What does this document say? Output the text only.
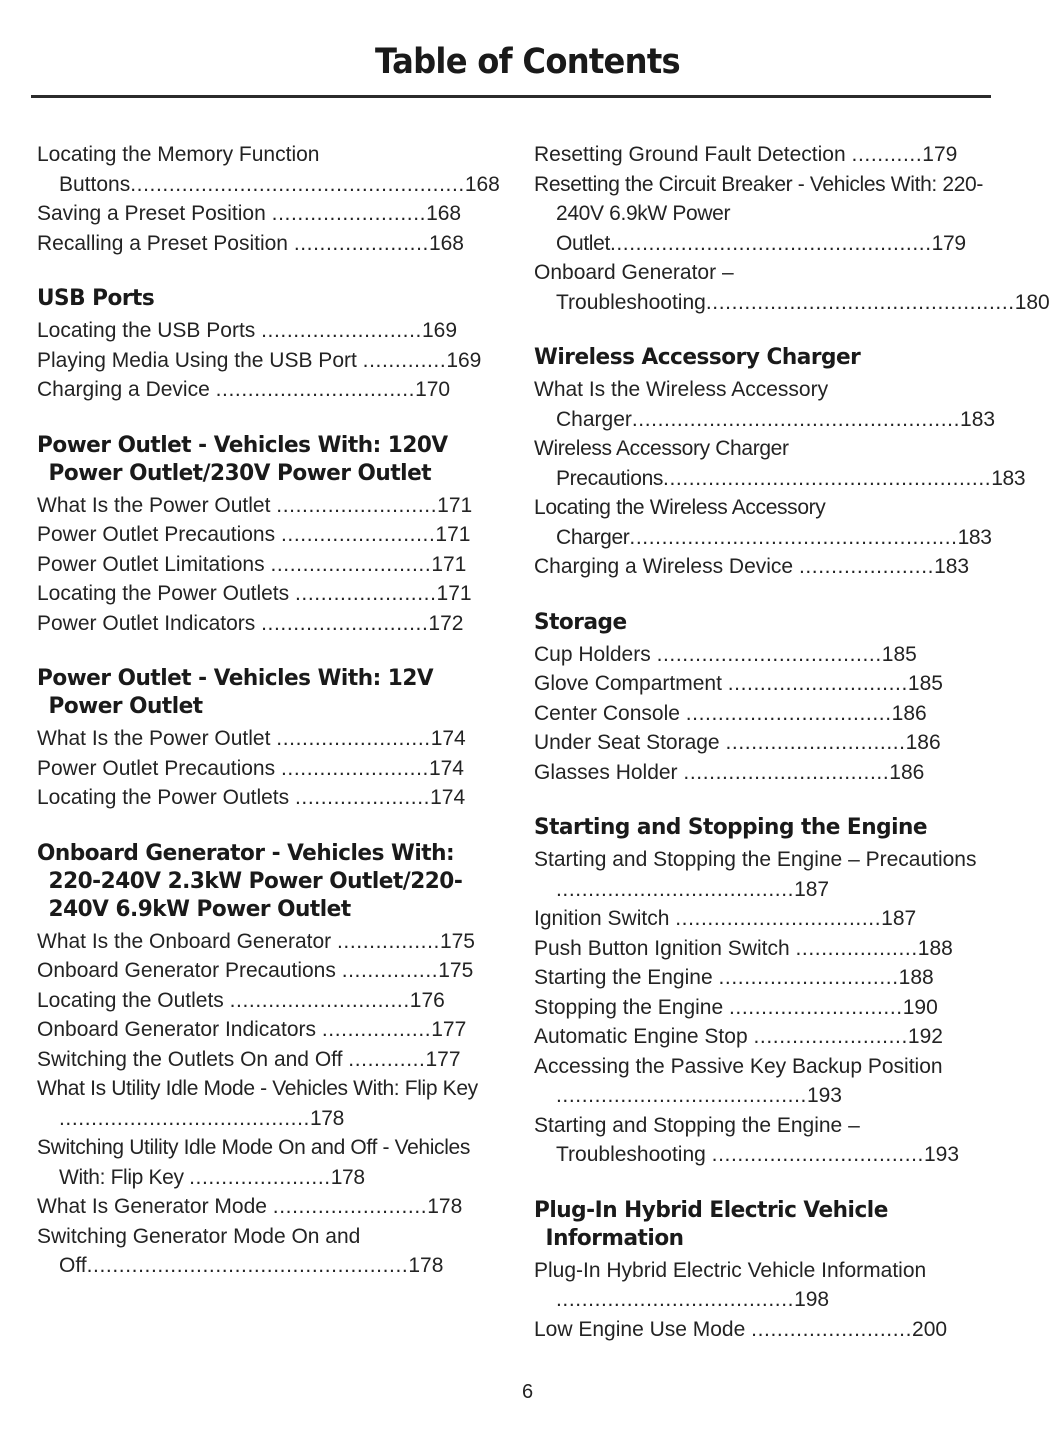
Table of Contents
Locating the Memory Function Buttons....................................................168
Saving a Preset Position ........................168
Recalling a Preset Position .....................168
USB Ports
Locating the USB Ports .........................169
Playing Media Using the USB Port .............169
Charging a Device ...............................170
Power Outlet - Vehicles With: 120V Power Outlet/230V Power Outlet
What Is the Power Outlet .........................171
Power Outlet Precautions ........................171
Power Outlet Limitations .........................171
Locating the Power Outlets ......................171
Power Outlet Indicators ..........................172
Power Outlet - Vehicles With: 12V Power Outlet
What Is the Power Outlet ........................174
Power Outlet Precautions .......................174
Locating the Power Outlets .....................174
Onboard Generator - Vehicles With: 220-240V 2.3kW Power Outlet/220-240V 6.9kW Power Outlet
What Is the Onboard Generator ................175
Onboard Generator Precautions ...............175
Locating the Outlets ............................176
Onboard Generator Indicators .................177
Switching the Outlets On and Off ............177
What Is Utility Idle Mode - Vehicles With: Flip Key .......................................178
Switching Utility Idle Mode On and Off - Vehicles With: Flip Key ......................178
What Is Generator Mode ........................178
Switching Generator Mode On and Off..................................................178
Resetting Ground Fault Detection ...........179
Resetting the Circuit Breaker - Vehicles With: 220-240V 6.9kW Power Outlet..................................................179
Onboard Generator – Troubleshooting................................................180
Wireless Accessory Charger
What Is the Wireless Accessory Charger...................................................183
Wireless Accessory Charger Precautions...................................................183
Locating the Wireless Accessory Charger...................................................183
Charging a Wireless Device .....................183
Storage
Cup Holders ...................................185
Glove Compartment ............................185
Center Console ................................186
Under Seat Storage ............................186
Glasses Holder ................................186
Starting and Stopping the Engine
Starting and Stopping the Engine – Precautions .....................................187
Ignition Switch ................................187
Push Button Ignition Switch ...................188
Starting the Engine ............................188
Stopping the Engine ...........................190
Automatic Engine Stop ........................192
Accessing the Passive Key Backup Position .......................................193
Starting and Stopping the Engine – Troubleshooting .................................193
Plug-In Hybrid Electric Vehicle Information
Plug-In Hybrid Electric Vehicle Information .....................................198
Low Engine Use Mode .........................200
6
